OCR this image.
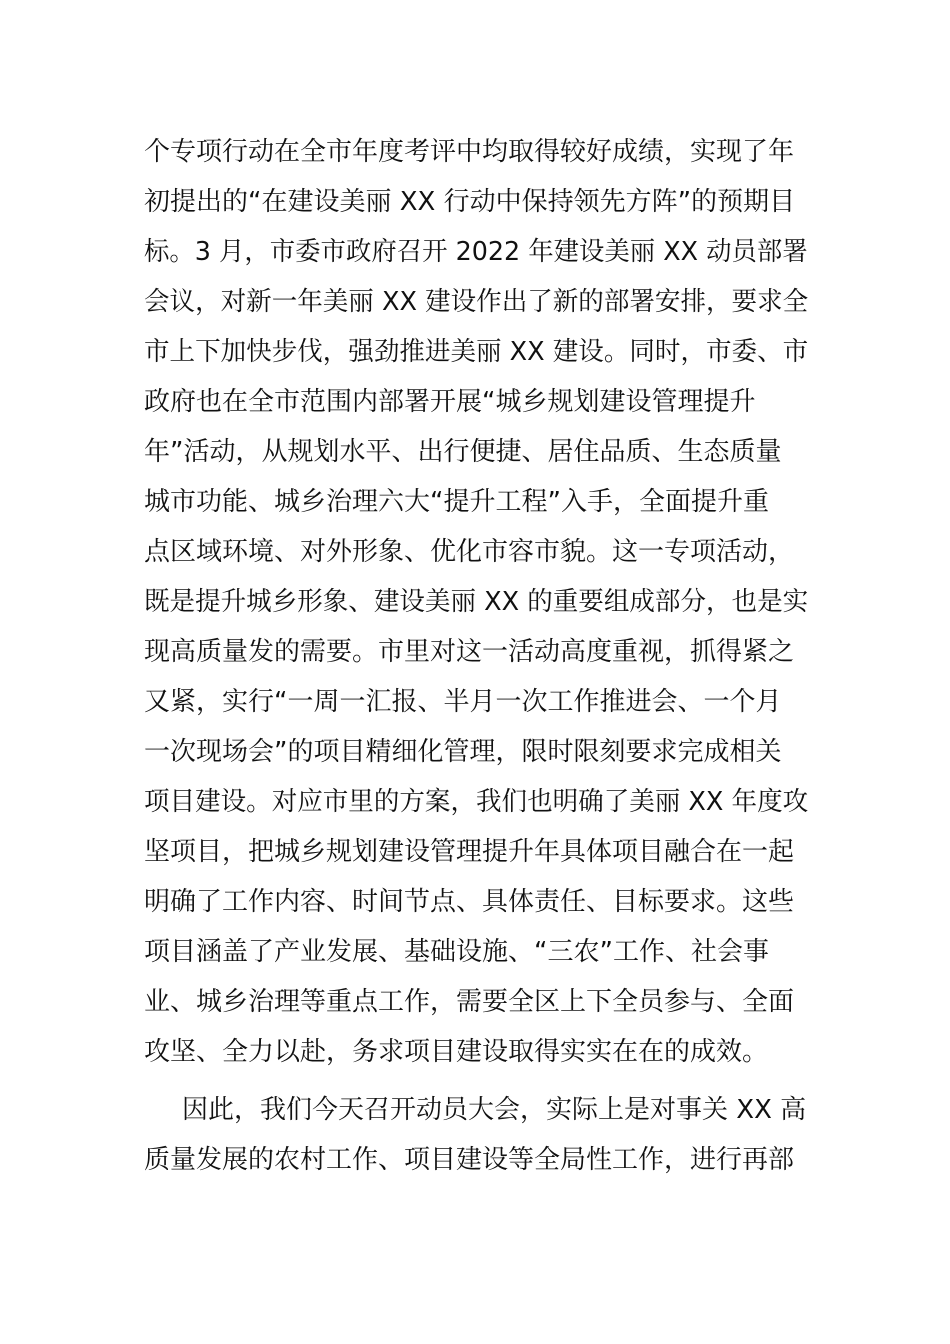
个专项行动在全市年度考评中均取得较好成绩，实现了年
初提出的“在建设美丽 XX 行动中保持领先方阵”的预期目
标。3 月，市委市政府召开 2022 年建设美丽 XX 动员部署
会议，对新一年美丽 XX 建设作出了新的部署安排，要求全
市上下加快步伐，强劲推进美丽 XX 建设。同时，市委、市
政府也在全市范围内部署开展“城乡规划建设管理提升
年”活动，从规划水平、出行便捷、居住品质、生态质量
城市功能、城乡治理六大“提升工程”入手，全面提升重
点区域环境、对外形象、优化市容市貌。这一专项活动，
既是提升城乡形象、建设美丽 XX 的重要组成部分，也是实
现高质量发的需要。市里对这一活动高度重视，抓得紧之
又紧，实行“一周一汇报、半月一次工作推进会、一个月
一次现场会”的项目精细化管理，限时限刻要求完成相关
项目建设。对应市里的方案，我们也明确了美丽 XX 年度攻
坚项目，把城乡规划建设管理提升年具体项目融合在一起
明确了工作内容、时间节点、具体责任、目标要求。这些
项目涵盖了产业发展、基础设施、“三农”工作、社会事
业、城乡治理等重点工作，需要全区上下全员参与、全面
攻坚、全力以赴，务求项目建设取得实实在在的成效。
因此，我们今天召开动员大会，实际上是对事关 XX 高
质量发展的农村工作、项目建设等全局性工作，进行再部
